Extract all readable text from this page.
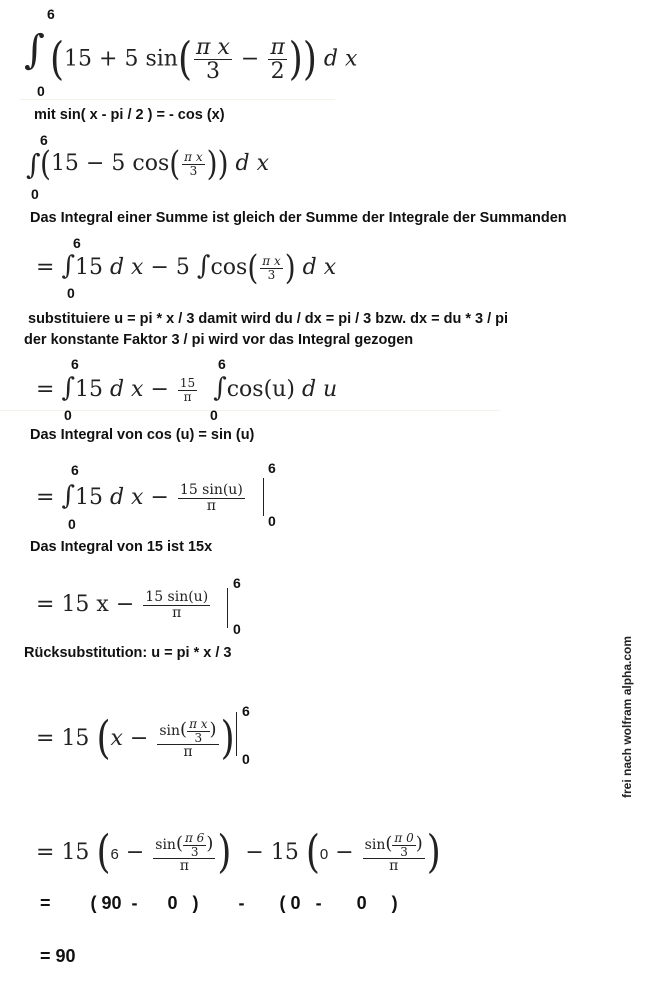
6
∫
0
(15 + 5 $\sin( \frac{\text{π x}}{3} - \frac{\pi}{2}$ )) d x
mit sin( x - pi / 2 ) = - cos (x)
6
∫
0
(15 − 5 $\cos( \frac{\text{π x}}{3}$ )) d x
Das Integral einer Summe ist gleich der Summe der Integrale der Summanden
6
0
= ∫15 d x − 5 $\int\cos( \frac{\text{π x}}{3}$ ) d x
substituiere u = pi * x / 3 damit wird du / dx = pi / 3 bzw. dx = du * 3 / pi
der konstante Faktor 3 / pi wird vor das Integral gezogen
6	6
0	0
= ∫15 d $x - \frac{15}{\pi} \int\cos(u)$ d u
Das Integral von cos (u) = sin (u)
6
0
= ∫15 d $x - \frac{15 \sin(u)}{\pi}$
6
0
Das Integral von 15 ist 15x
= 15 $x - \frac{15 \sin(u)}{\pi}$
6
0
Rücksubstitution: u = pi * x / 3
= 15 ($x - \frac{\sin( \frac{\text{π x}}{3} )}{\pi}$ )
6
0
= 15 ($6 - \frac{\sin( \frac{\pi 6}{3} )}{\pi}$ ) − 15 ($0 - \frac{\sin( \frac{\pi 0}{3} )}{\pi}$ )
=        ( 90  -      0   )        -       ( 0   -       0     )
= 90
frei nach wolfram alpha.com
